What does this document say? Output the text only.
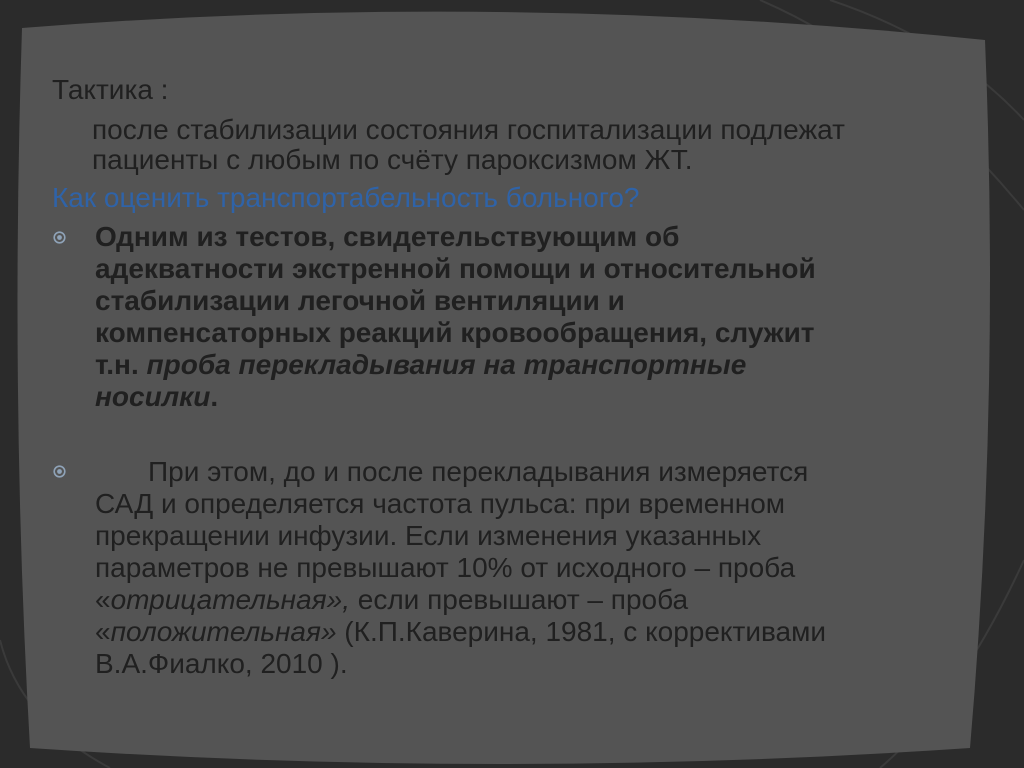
Тактика :
после стабилизации состояния госпитализации подлежат
пациенты с любым по счёту пароксизмом ЖТ.
Как оценить транспортабельность больного?
Одним из тестов, свидетельствующим об
адекватности экстренной помощи и относительной
стабилизации легочной вентиляции и
компенсаторных реакций кровообращения, служит
т.н. проба перекладывания на транспортные
носилки.
При этом, до и после перекладывания измеряется
САД и определяется частота пульса: при временном
прекращении инфузии. Если изменения указанных
параметров не превышают 10% от исходного – проба
«отрицательная», если превышают – проба
«положительная» (К.П.Каверина, 1981, с коррективами
В.А.Фиалко, 2010 ).
